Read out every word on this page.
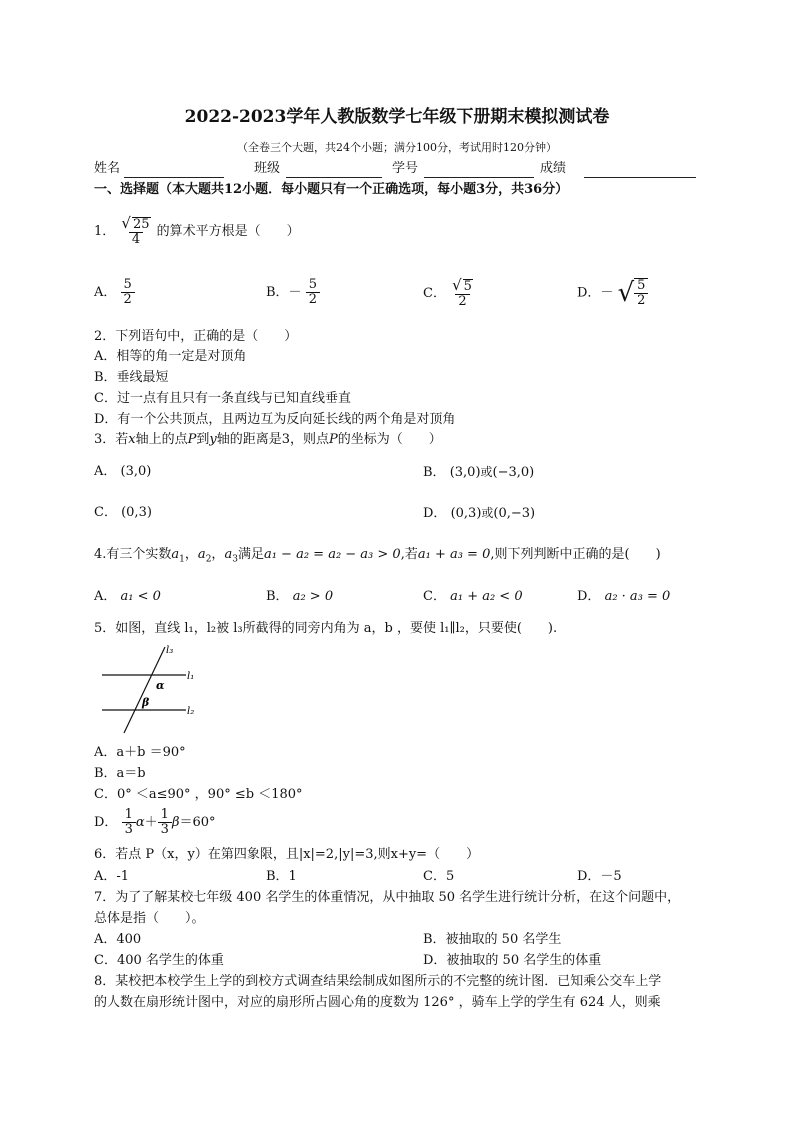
2022-2023学年人教版数学七年级下册期末模拟测试卷
（全卷三个大题，共24个小题；满分100分，考试用时120分钟）
姓名	班级	学号	成绩
一、选择题（本大题共12小题．每小题只有一个正确选项，每小题3分，共36分）
1． $\frac{√ 25}{4}$ 的算术平方根是（　　）
A． $\frac{5}{2}$	B．－ $\frac{5}{2}$	C． $\frac{√ 5}{2}$	D．－ √ $\frac{5}{2}$
2．下列语句中，正确的是（　　）
A．相等的角一定是对顶角
B．垂线最短
C．过一点有且只有一条直线与已知直线垂直
D．有一个公共顶点，且两边互为反向延长线的两个角是对顶角
3．若x轴上的点P到y轴的距离是3，则点P的坐标为（　　）
A． (3,0)	B． (3,0)或(−3,0)
C． (0,3)	D． (0,3)或(0,−3)
4.有三个实数$a_1$，$a_2$，$a_3$满足a₁ − a₂ = a₂ − a₃ > 0,若a₁ + a₃ = 0,则下列判断中正确的是(　　)
A． a₁ < 0	B． a₂ > 0	C． a₁ + a₂ < 0	D． a₂ · a₃ = 0
5．如图，直线 l₁，l₂被 l₃所截得的同旁内角为 a，b ，要使 l₁∥l₂，只要使(　　).
l₃
l₁
l₂
α
β
A．a＋b ＝90°
B．a＝b
C．0° ＜a≤90° ，90° ≤b ＜180°
D． $\frac{1}{3} \alpha+ \frac{1}{3} \beta=60^\circ$
6．若点 P（x，y）在第四象限，且|x|=2,|y|=3,则x+y=（　　）
A．-1	B．1	C．5	D．－5
7．为了了解某校七年级 400 名学生的体重情况，从中抽取 50 名学生进行统计分析，在这个问题中，
总体是指（　　）。
A．400	B．被抽取的 50 名学生
C．400 名学生的体重	D．被抽取的 50 名学生的体重
8．某校把本校学生上学的到校方式调查结果绘制成如图所示的不完整的统计图．已知乘公交车上学
的人数在扇形统计图中，对应的扇形所占圆心角的度数为 126° ，骑车上学的学生有 624 人，则乘
